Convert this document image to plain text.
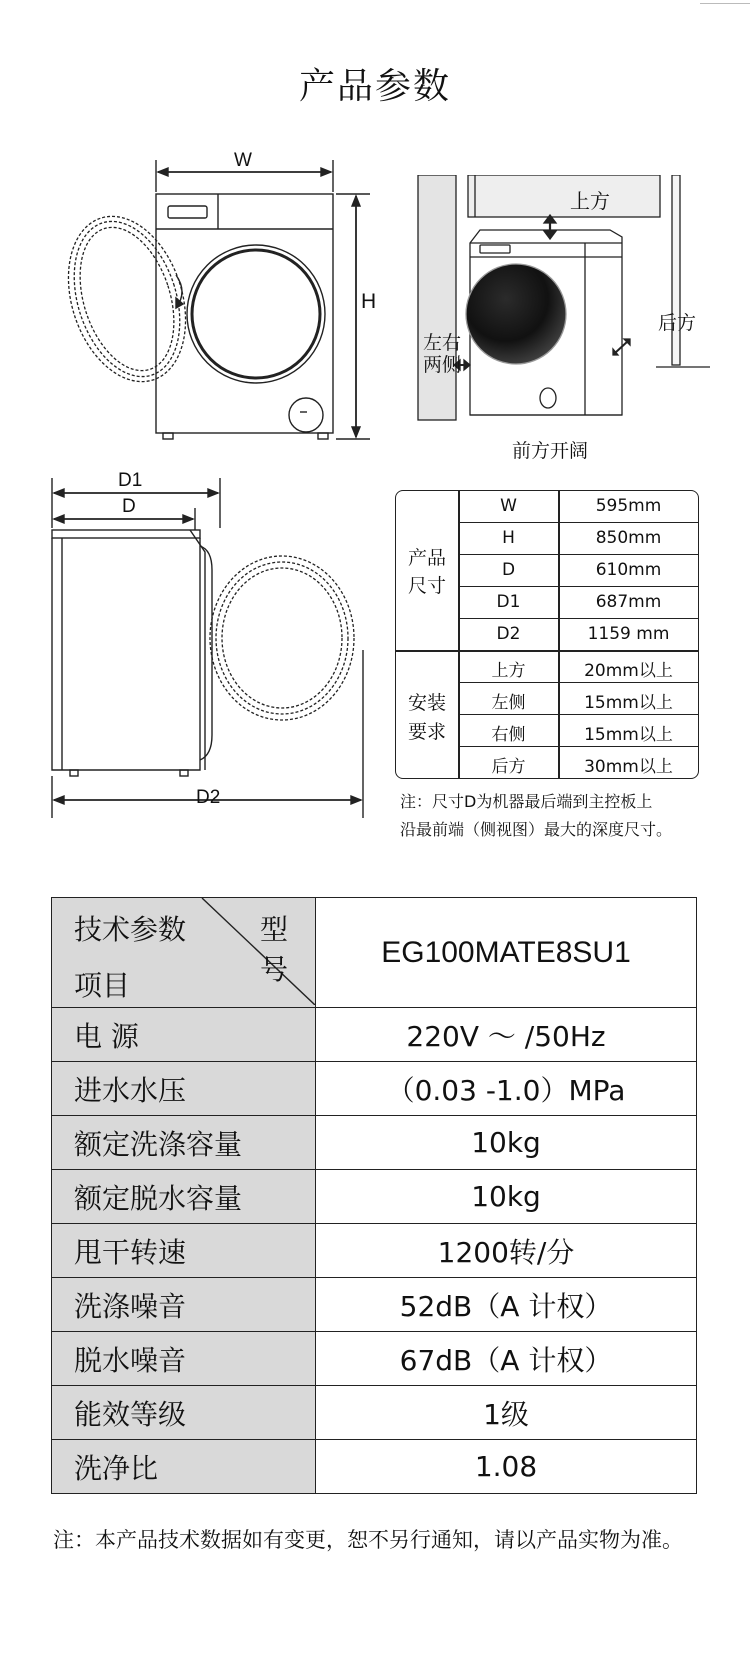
产品参数
W
H
上方
左右
两侧
后方
前方开阔
D1
D
D2
产品
尺寸
安装
要求
W	595mm
H	850mm
D	610mm
D1	687mm
D2	1159 mm
上方	20mm以上
左侧	15mm以上
右侧	15mm以上
后方	30mm以上
注：尺寸D为机器最后端到主控板上
沿最前端（侧视图）最大的深度尺寸。
技术参数 型号
项目	EG100MATE8SU1
电 源	220V ～ /50Hz
进水水压	（0.03 -1.0）MPa
额定洗涤容量	10kg
额定脱水容量	10kg
甩干转速	1200转/分
洗涤噪音	52dB（A 计权）
脱水噪音	67dB（A 计权）
能效等级	1级
洗净比	1.08
注：本产品技术数据如有变更，恕不另行通知，请以产品实物为准。
